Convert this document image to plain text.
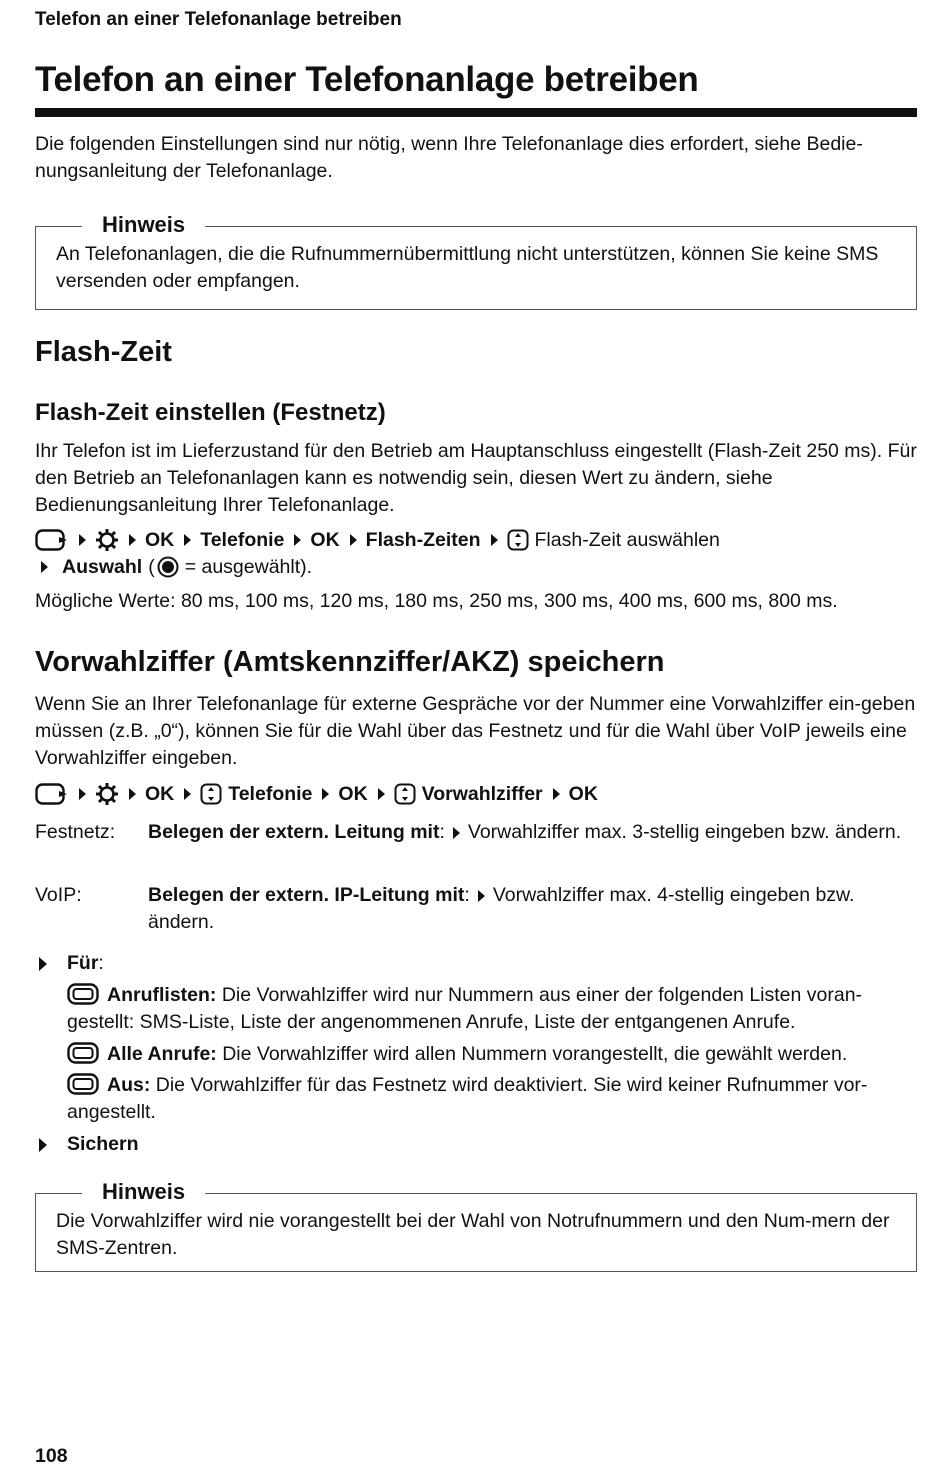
Telefon an einer Telefonanlage betreiben
Telefon an einer Telefonanlage betreiben

Die folgenden Einstellungen sind nur nötig, wenn Ihre Telefonanlage dies erfordert, siehe Bedie-nungsanleitung der Telefonanlage.

Hinweis

An Telefonanlagen, die die Rufnummernübermittlung nicht unterstützen, können Sie keine SMS versenden oder empfangen.

Flash-Zeit
Flash-Zeit einstellen (Festnetz)

Ihr Telefon ist im Lieferzustand für den Betrieb am Hauptanschluss eingestellt (Flash-Zeit 250 ms). Für den Betrieb an Telefonanlagen kann es notwendig sein, diesen Wert zu ändern, siehe Bedienungsanleitung Ihrer Telefonanlage.

OK Telefonie OK Flash-Zeiten	Flash-Zeit auswählen
Auswahl ( = ausgewählt).

Mögliche Werte: 80 ms, 100 ms, 120 ms, 180 ms, 250 ms, 300 ms, 400 ms, 600 ms, 800 ms.

Vorwahlziffer (Amtskennziffer/AKZ) speichern

Wenn Sie an Ihrer Telefonanlage für externe Gespräche vor der Nummer eine Vorwahlziffer ein-geben müssen (z.B. „0“), können Sie für die Wahl über das Festnetz und für die Wahl über VoIP jeweils eine Vorwahlziffer eingeben.

OK	Telefonie OK	Vorwahlziffer OK
Festnetz: Belegen der extern. Leitung mit: Vorwahlziffer max. 3-stellig eingeben bzw. ändern.
VoIP:	Belegen der extern. IP-Leitung mit: Vorwahlziffer max. 4-stellig eingeben bzw. ändern.
Für:
Anruflisten: Die Vorwahlziffer wird nur Nummern aus einer der folgenden Listen voran-gestellt: SMS-Liste, Liste der angenommenen Anrufe, Liste der entgangenen Anrufe.
Alle Anrufe: Die Vorwahlziffer wird allen Nummern vorangestellt, die gewählt werden.
Aus: Die Vorwahlziffer für das Festnetz wird deaktiviert. Sie wird keiner Rufnummer vor-angestellt.
Sichern
Hinweis

Die Vorwahlziffer wird nie vorangestellt bei der Wahl von Notrufnummern und den Num-mern der SMS-Zentren.

108
